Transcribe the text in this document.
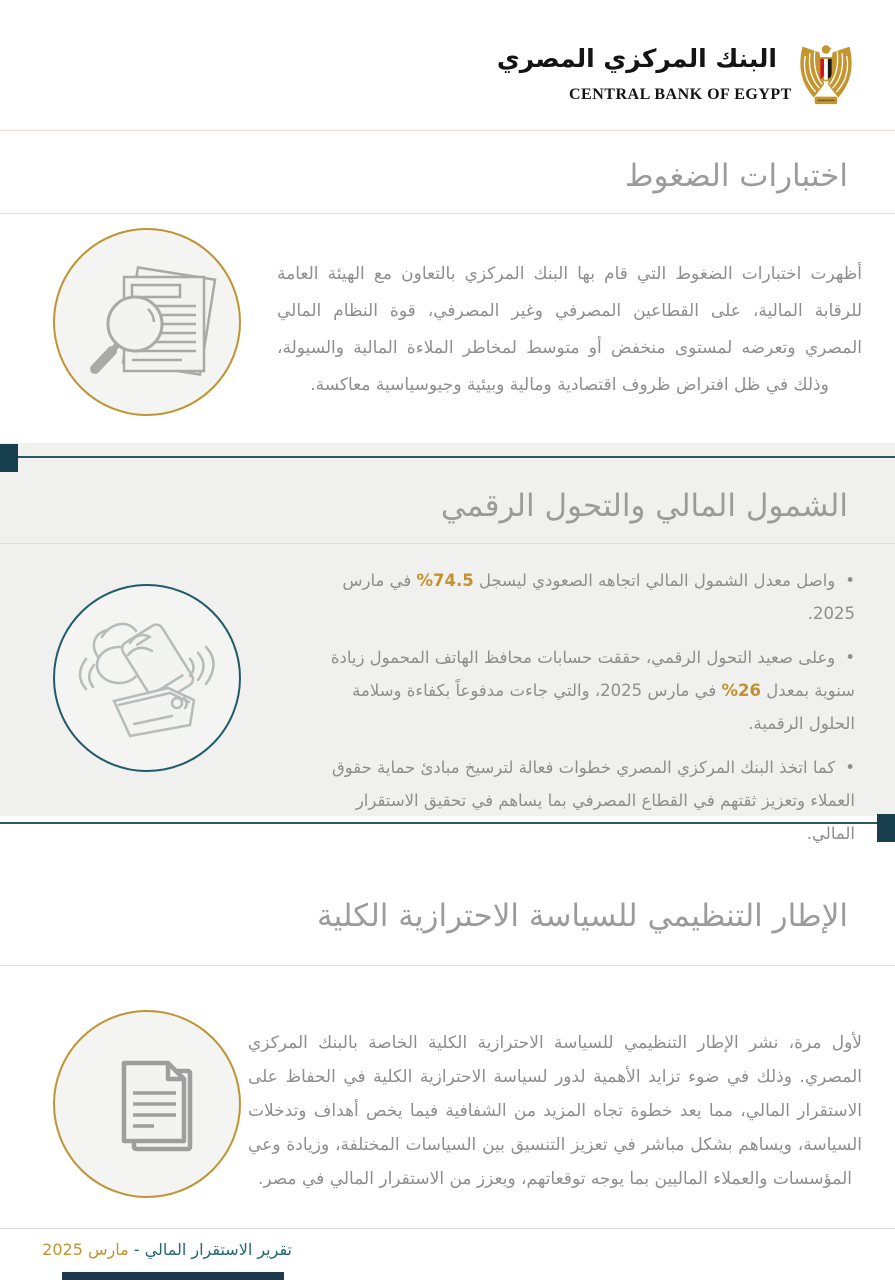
البنك المركزي المصري
CENTRAL BANK OF EGYPT
اختبارات الضغوط
أظهرت اختبارات الضغوط التي قام بها البنك المركزي بالتعاون مع الهيئة العامة للرقابة المالية، على القطاعين المصرفي وغير المصرفي، قوة النظام المالي المصري وتعرضه لمستوى منخفض أو متوسط لمخاطر الملاءة المالية والسيولة، وذلك في ظل افتراض ظروف اقتصادية ومالية وبيئية وجيوسياسية معاكسة.
الشمول المالي والتحول الرقمي
•واصل معدل الشمول المالي اتجاهه الصعودي ليسجل %74.5 في مارس 2025.
•وعلى صعيد التحول الرقمي، حققت حسابات محافظ الهاتف المحمول زيادة سنوية بمعدل %26 في مارس 2025، والتي جاءت مدفوعاً بكفاءة وسلامة الحلول الرقمية.
•كما اتخذ البنك المركزي المصري خطوات فعالة لترسيخ مبادئ حماية حقوق العملاء وتعزيز ثقتهم في القطاع المصرفي بما يساهم في تحقيق الاستقرار المالي.
الإطار التنظيمي للسياسة الاحترازية الكلية
لأول مرة، نشر الإطار التنظيمي للسياسة الاحترازية الكلية الخاصة بالبنك المركزي المصري. وذلك في ضوء تزايد الأهمية لدور لسياسة الاحترازية الكلية في الحفاظ على الاستقرار المالي، مما يعد خطوة تجاه المزيد من الشفافية فيما يخص أهداف وتدخلات السياسة، ويساهم بشكل مباشر في تعزيز التنسيق بين السياسات المختلفة، وزيادة وعي المؤسسات والعملاء الماليين بما يوجه توقعاتهم، ويعزز من الاستقرار المالي في مصر.
تقرير الاستقرار المالي - مارس 2025
